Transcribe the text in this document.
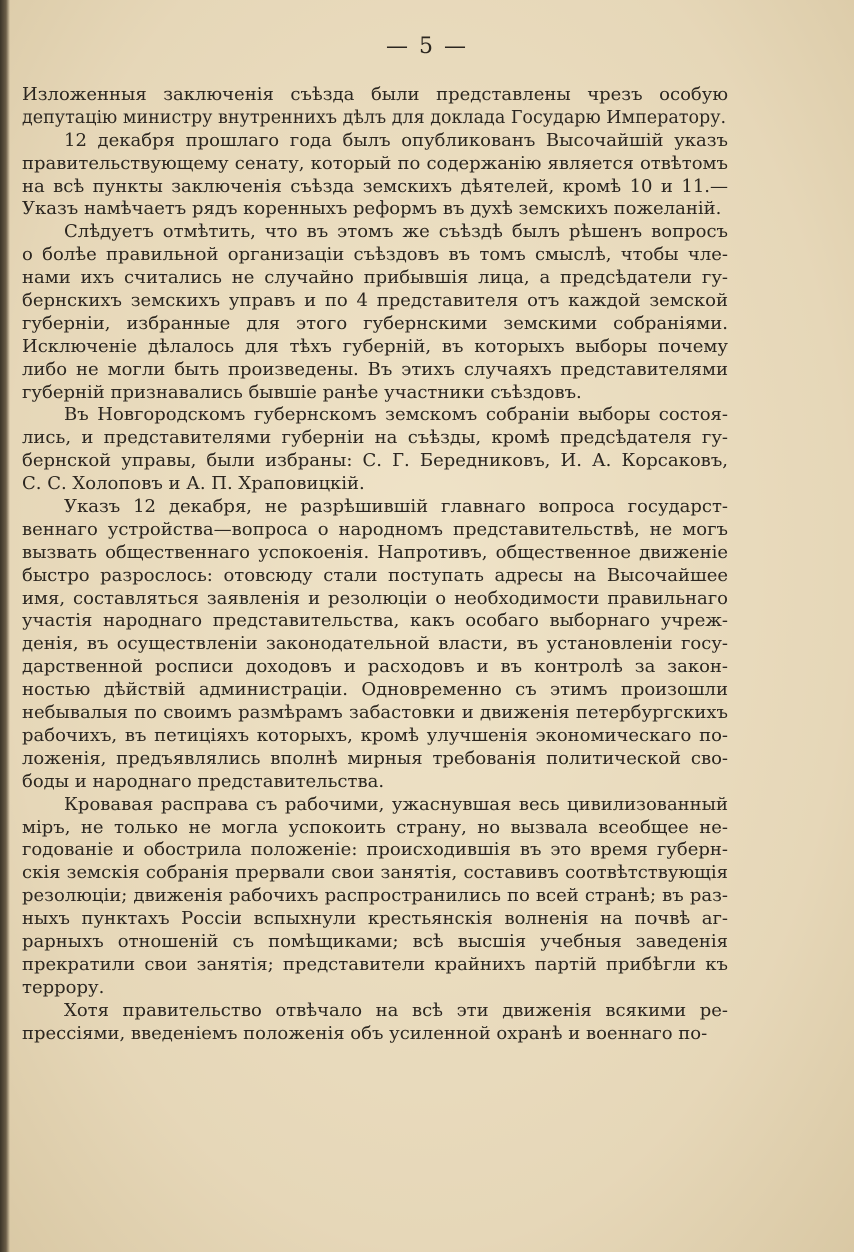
— 5 —
Изложенныя заключенія съѣзда были представлены чрезъ особую
депутацію министру внутреннихъ дѣлъ для доклада Государю Императору.
12 декабря прошлаго года былъ опубликованъ Высочайшій указъ
правительствующему сенату, который по содержанію является отвѣтомъ
на всѣ пункты заключенія съѣзда земскихъ дѣятелей, кромѣ 10 и 11.—
Указъ намѣчаетъ рядъ коренныхъ реформъ въ духѣ земскихъ пожеланій.
Слѣдуетъ отмѣтить, что въ этомъ же съѣздѣ былъ рѣшенъ вопросъ
о болѣе правильной организаціи съѣздовъ въ томъ смыслѣ, чтобы чле-
нами ихъ считались не случайно прибывшія лица, а предсѣдатели гу-
бернскихъ земскихъ управъ и по 4 представителя отъ каждой земской
губерніи, избранные для этого губернскими земскими собраніями.
Исключеніе дѣлалось для тѣхъ губерній, въ которыхъ выборы почему
либо не могли быть произведены. Въ этихъ случаяхъ представителями
губерній признавались бывшіе ранѣе участники съѣздовъ.
Въ Новгородскомъ губернскомъ земскомъ собраніи выборы состоя-
лись, и представителями губерніи на съѣзды, кромѣ предсѣдателя гу-
бернской управы, были избраны: С. Г. Бередниковъ, И. А. Корсаковъ,
С. С. Холоповъ и А. П. Храповицкій.
Указъ 12 декабря, не разрѣшившій главнаго вопроса государст-
веннаго устройства—вопроса о народномъ представительствѣ, не могъ
вызвать общественнаго успокоенія. Напротивъ, общественное движеніе
быстро разрослось: отовсюду стали поступать адресы на Высочайшее
имя, составляться заявленія и резолюціи о необходимости правильнаго
участія народнаго представительства, какъ особаго выборнаго учреж-
денія, въ осуществленіи законодательной власти, въ установленіи госу-
дарственной росписи доходовъ и расходовъ и въ контролѣ за закон-
ностью дѣйствій администраціи. Одновременно съ этимъ произошли
небывалыя по своимъ размѣрамъ забастовки и движенія петербургскихъ
рабочихъ, въ петиціяхъ которыхъ, кромѣ улучшенія экономическаго по-
ложенія, предъявлялись вполнѣ мирныя требованія политической сво-
боды и народнаго представительства.
Кровавая расправа съ рабочими, ужаснувшая весь цивилизованный
міръ, не только не могла успокоить страну, но вызвала всеобщее не-
годованіе и обострила положеніе: происходившія въ это время губерн-
скія земскія собранія прервали свои занятія, составивъ соотвѣтствующія
резолюціи; движенія рабочихъ распространились по всей странѣ; въ раз-
ныхъ пунктахъ Россіи вспыхнули крестьянскія волненія на почвѣ аг-
рарныхъ отношеній съ помѣщиками; всѣ высшія учебныя заведенія
прекратили свои занятія; представители крайнихъ партій прибѣгли къ
террору.
Хотя правительство отвѣчало на всѣ эти движенія всякими ре-
прессіями, введеніемъ положенія объ усиленной охранѣ и военнаго по-
